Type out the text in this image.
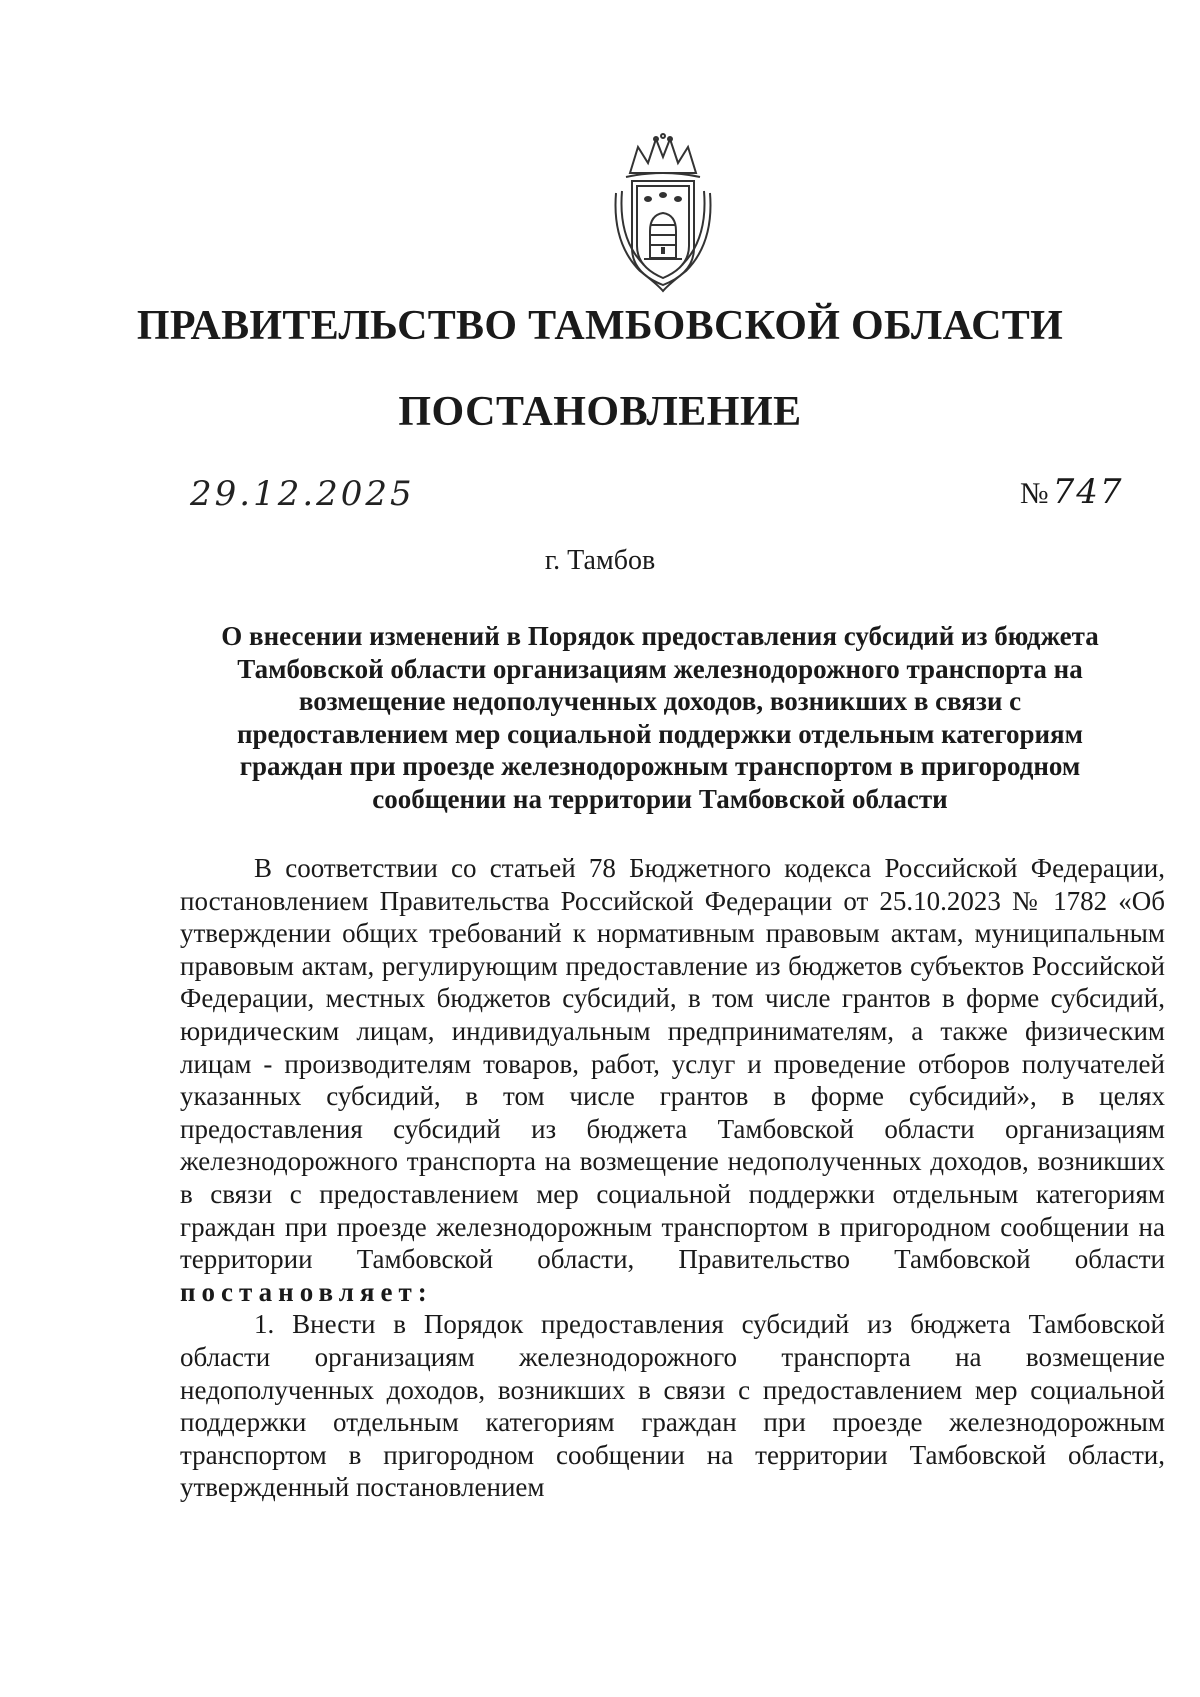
ПРАВИТЕЛЬСТВО ТАМБОВСКОЙ ОБЛАСТИ
ПОСТАНОВЛЕНИЕ
29.12.2025	№ 747
г. Тамбов
О внесении изменений в Порядок предоставления субсидий из бюджета Тамбовской области организациям железнодорожного транспорта на возмещение недополученных доходов, возникших в связи с предоставлением мер социальной поддержки отдельным категориям граждан при проезде железнодорожным транспортом в пригородном сообщении на территории Тамбовской области

В соответствии со статьей 78 Бюджетного кодекса Российской Федерации, постановлением Правительства Российской Федерации от 25.10.2023 № 1782 «Об утверждении общих требований к нормативным правовым актам, муниципальным правовым актам, регулирующим предоставление из бюджетов субъектов Российской Федерации, местных бюджетов субсидий, в том числе грантов в форме субсидий, юридическим лицам, индивидуальным предпринимателям, а также физическим лицам - производителям товаров, работ, услуг и проведение отборов получателей указанных субсидий, в том числе грантов в форме субсидий», в целях предоставления субсидий из бюджета Тамбовской области организациям железнодорожного транспорта на возмещение недополученных доходов, возникших в связи с предоставлением мер социальной поддержки отдельным категориям граждан при проезде железнодорожным транспортом в пригородном сообщении на территории Тамбовской области, Правительство Тамбовской области постановляет:

1. Внести в Порядок предоставления субсидий из бюджета Тамбовской области организациям железнодорожного транспорта на возмещение недополученных доходов, возникших в связи с предоставлением мер социальной поддержки отдельным категориям граждан при проезде железнодорожным транспортом в пригородном сообщении на территории Тамбовской области, утвержденный постановлением
